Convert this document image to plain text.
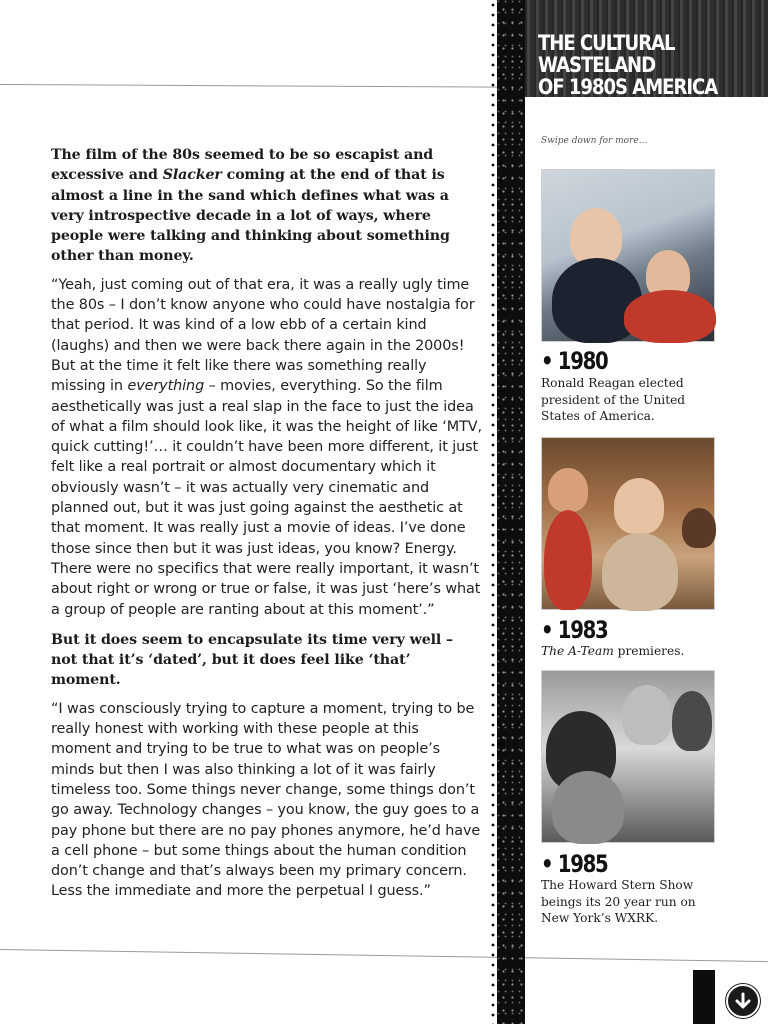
The film of the 80s seemed to be so escapist and excessive and Slacker coming at the end of that is almost a line in the sand which defines what was a very introspective decade in a lot of ways, where people were talking and thinking about something other than money.

“Yeah, just coming out of that era, it was a really ugly time the 80s – I don’t know anyone who could have nostalgia for that period. It was kind of a low ebb of a certain kind (laughs) and then we were back there again in the 2000s! But at the time it felt like there was something really missing in everything – movies, everything. So the film aesthetically was just a real slap in the face to just the idea of what a film should look like, it was the height of like ‘MTV, quick cutting!’… it couldn’t have been more different, it just felt like a real portrait or almost documentary which it obviously wasn’t – it was actually very cinematic and planned out, but it was just going against the aesthetic at that moment. It was really just a movie of ideas. I’ve done those since then but it was just ideas, you know? Energy. There were no specifics that were really important, it wasn’t about right or wrong or true or false, it was just ‘here’s what a group of people are ranting about at this moment’.”

But it does seem to encapsulate its time very well – not that it’s ‘dated’, but it does feel like ‘that’ moment.

“I was consciously trying to capture a moment, trying to be really honest with working with these people at this moment and trying to be true to what was on people’s minds but then I was also thinking a lot of it was fairly timeless too. Some things never change, some things don’t go away. Technology changes – you know, the guy goes to a pay phone but there are no pay phones anymore, he’d have a cell phone – but some things about the human condition don’t change and that’s always been my primary concern. Less the immediate and more the perpetual I guess.”

THE CULTURAL
WASTELAND
OF 1980S AMERICA
Swipe down for more...
• 1980
Ronald Reagan elected president of the United States of America.
• 1983
The A-Team premieres.
• 1985
The Howard Stern Show beings its 20 year run on New York’s WXRK.
